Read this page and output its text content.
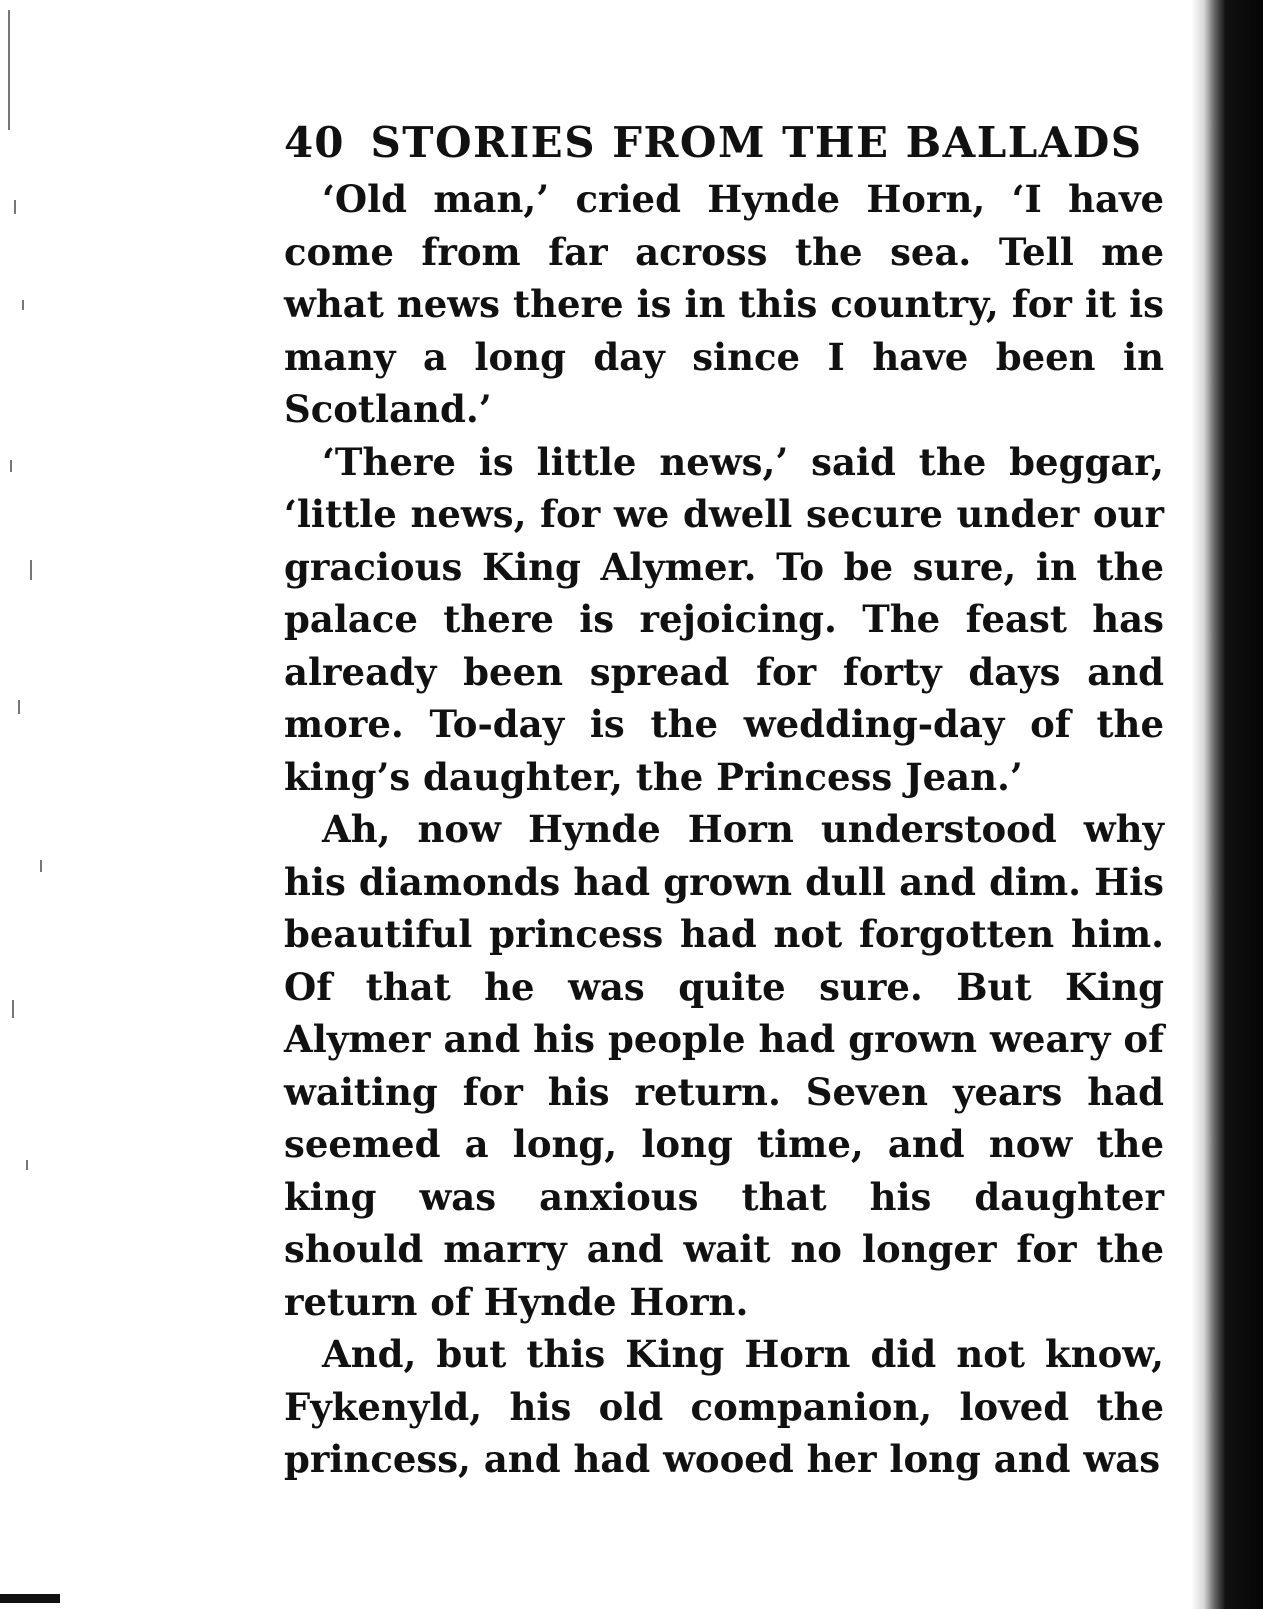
40 STORIES FROM THE BALLADS

‘Old man,’ cried Hynde Horn, ‘I have come from far across the sea. Tell me what news there is in this country, for it is many a long day since I have been in Scotland.’

‘There is little news,’ said the beggar, ‘little news, for we dwell secure under our gracious King Alymer. To be sure, in the palace there is rejoicing. The feast has already been spread for forty days and more. To-day is the wedding-day of the king’s daughter, the Princess Jean.’

Ah, now Hynde Horn understood why his diamonds had grown dull and dim. His beautiful princess had not forgotten him. Of that he was quite sure. But King Alymer and his people had grown weary of waiting for his return. Seven years had seemed a long, long time, and now the king was anxious that his daughter should marry and wait no longer for the return of Hynde Horn.

And, but this King Horn did not know, Fykenyld, his old companion, loved the princess, and had wooed her long and was
